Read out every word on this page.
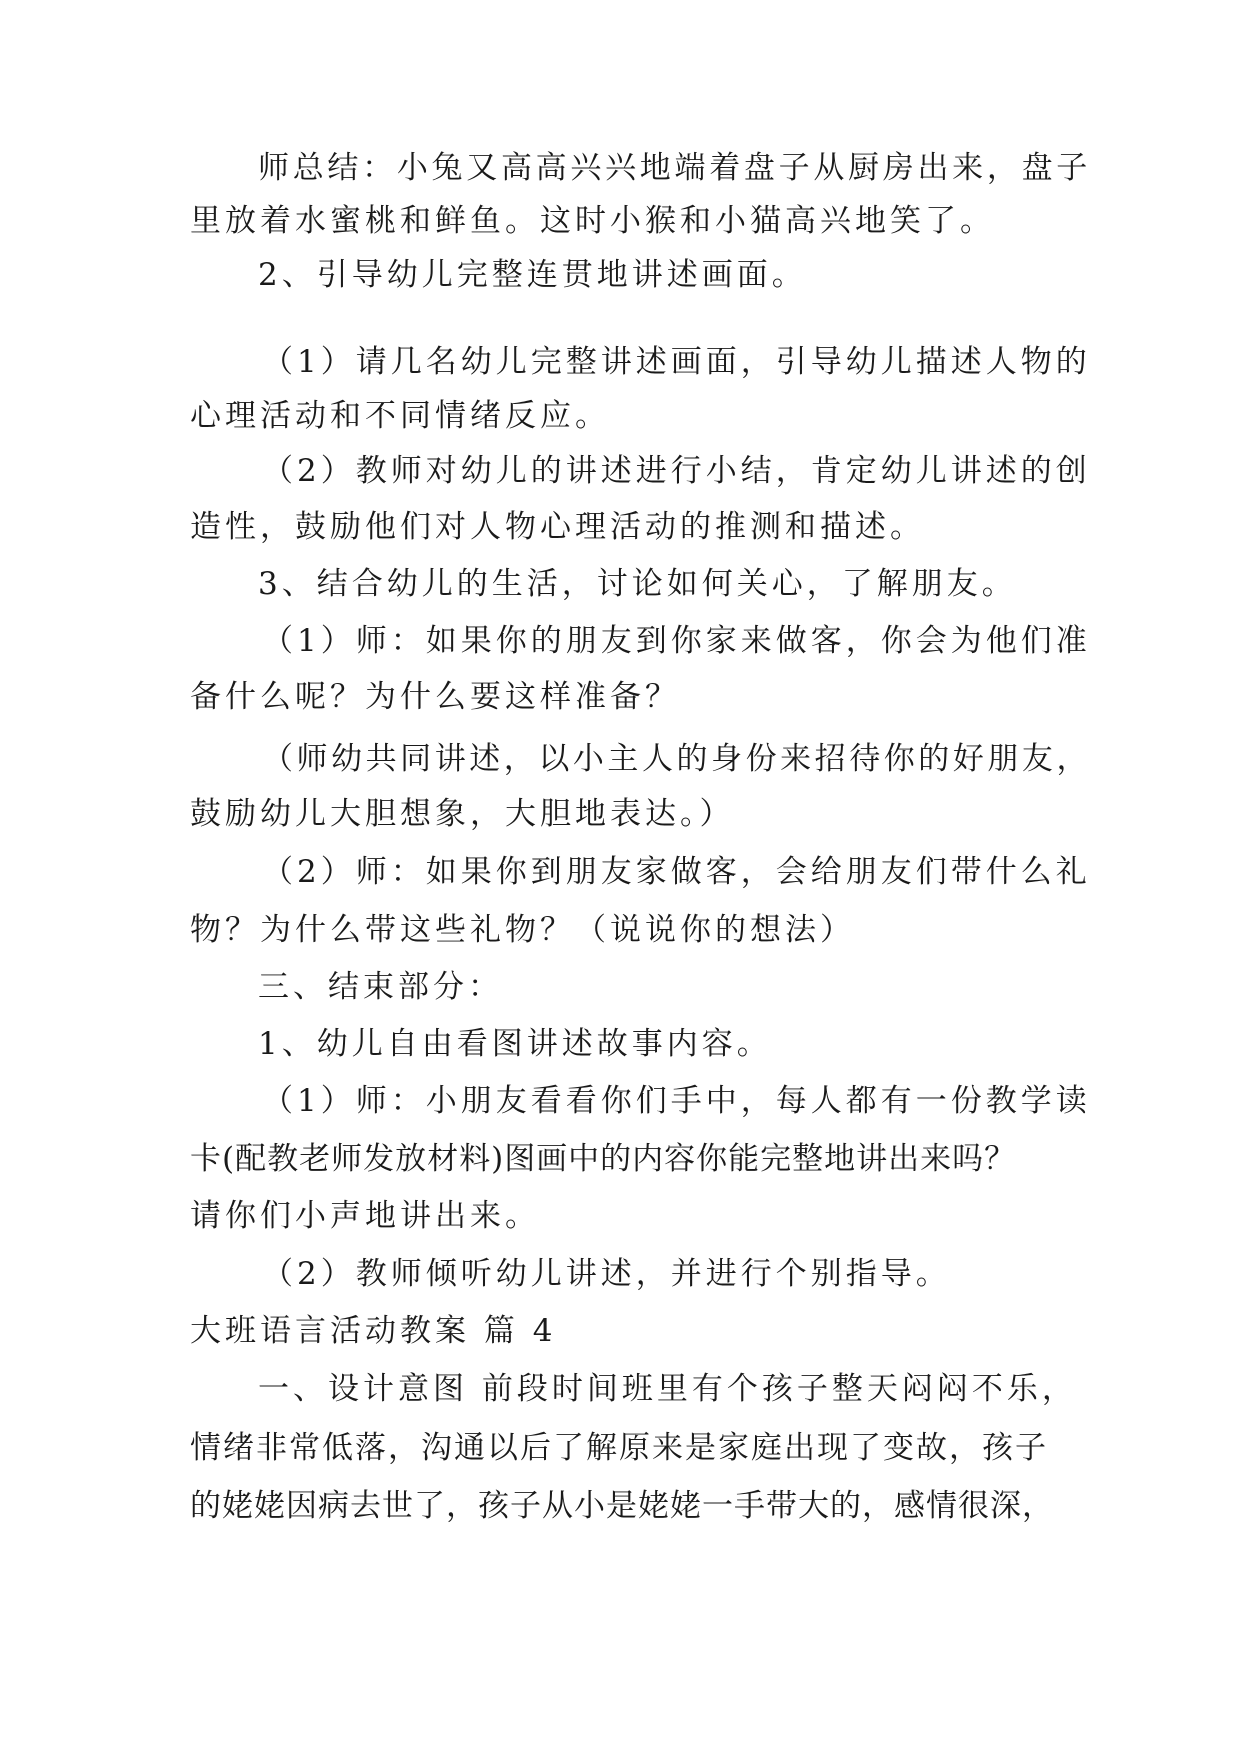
师总结：小兔又高高兴兴地端着盘子从厨房出来，盘子
里放着水蜜桃和鲜鱼。这时小猴和小猫高兴地笑了。
2、引导幼儿完整连贯地讲述画面。
（1）请几名幼儿完整讲述画面，引导幼儿描述人物的
心理活动和不同情绪反应。
（2）教师对幼儿的讲述进行小结，肯定幼儿讲述的创
造性，鼓励他们对人物心理活动的推测和描述。
3、结合幼儿的生活，讨论如何关心，了解朋友。
（1）师：如果你的朋友到你家来做客，你会为他们准
备什么呢？为什么要这样准备？
（师幼共同讲述，以小主人的身份来招待你的好朋友，
鼓励幼儿大胆想象，大胆地表达。）
（2）师：如果你到朋友家做客，会给朋友们带什么礼
物？为什么带这些礼物？（说说你的想法）
三、结束部分：
1、幼儿自由看图讲述故事内容。
（1）师：小朋友看看你们手中，每人都有一份教学读
卡(配教老师发放材料)图画中的内容你能完整地讲出来吗？
请你们小声地讲出来。
（2）教师倾听幼儿讲述，并进行个别指导。
大班语言活动教案 篇 4
一、设计意图 前段时间班里有个孩子整天闷闷不乐，
情绪非常低落，沟通以后了解原来是家庭出现了变故，孩子
的姥姥因病去世了，孩子从小是姥姥一手带大的，感情很深，
